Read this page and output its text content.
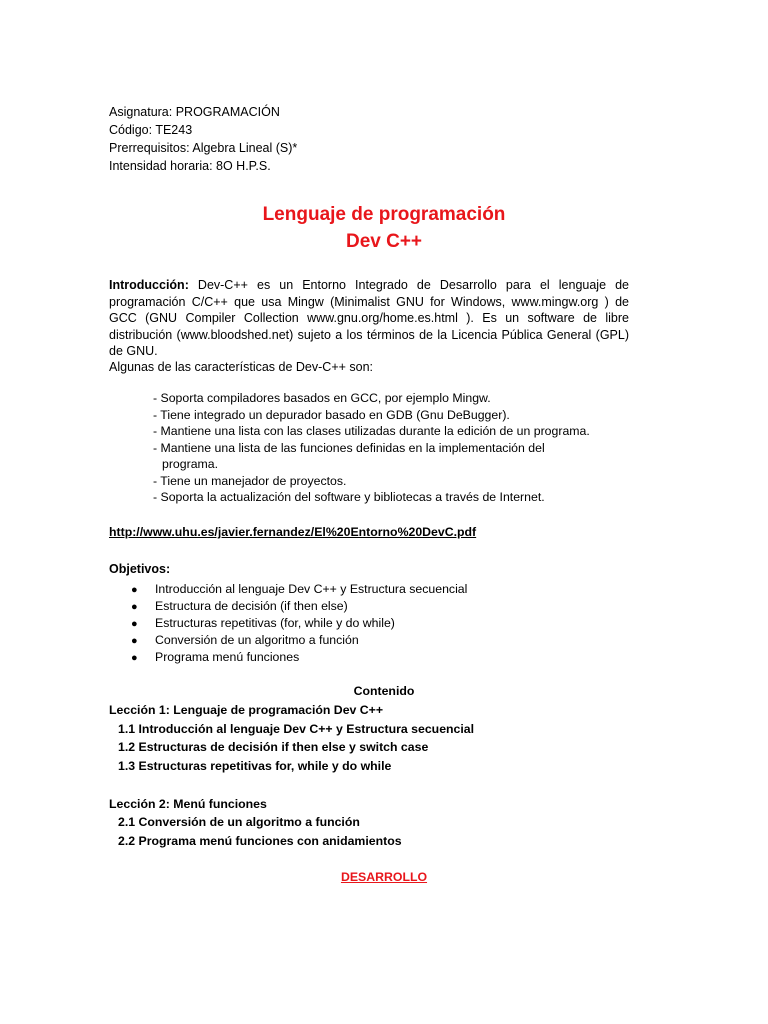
Asignatura: PROGRAMACIÓN
Código: TE243
Prerrequisitos: Algebra Lineal (S)*
Intensidad horaria: 8O H.P.S.
Lenguaje de programación
Dev C++
Introducción: Dev-C++ es un Entorno Integrado de Desarrollo para el lenguaje de programación C/C++ que usa Mingw (Minimalist GNU for Windows, www.mingw.org ) de GCC (GNU Compiler Collection www.gnu.org/home.es.html ). Es un software de libre distribución (www.bloodshed.net) sujeto a los términos de la Licencia Pública General (GPL) de GNU.
Algunas de las características de Dev-C++ son:
- Soporta compiladores basados en GCC, por ejemplo Mingw.
- Tiene integrado un depurador basado en GDB (Gnu DeBugger).
- Mantiene una lista con las clases utilizadas durante la edición de un programa.
- Mantiene una lista de las funciones definidas en la implementación del
programa.
- Tiene un manejador de proyectos.
- Soporta la actualización del software y bibliotecas a través de Internet.
http://www.uhu.es/javier.fernandez/El%20Entorno%20DevC.pdf
Objetivos:
● Introducción al lenguaje Dev C++ y Estructura secuencial
● Estructura de decisión (if then else)
● Estructuras repetitivas (for, while y do while)
● Conversión de un algoritmo a función
● Programa menú funciones
Contenido
Lección 1: Lenguaje de programación Dev C++
1.1 Introducción al lenguaje Dev C++ y Estructura secuencial
1.2 Estructuras de decisión if then else y switch case
1.3 Estructuras repetitivas for, while y do while
Lección 2: Menú funciones
2.1 Conversión de un algoritmo a función
2.2 Programa menú funciones con anidamientos
DESARROLLO
